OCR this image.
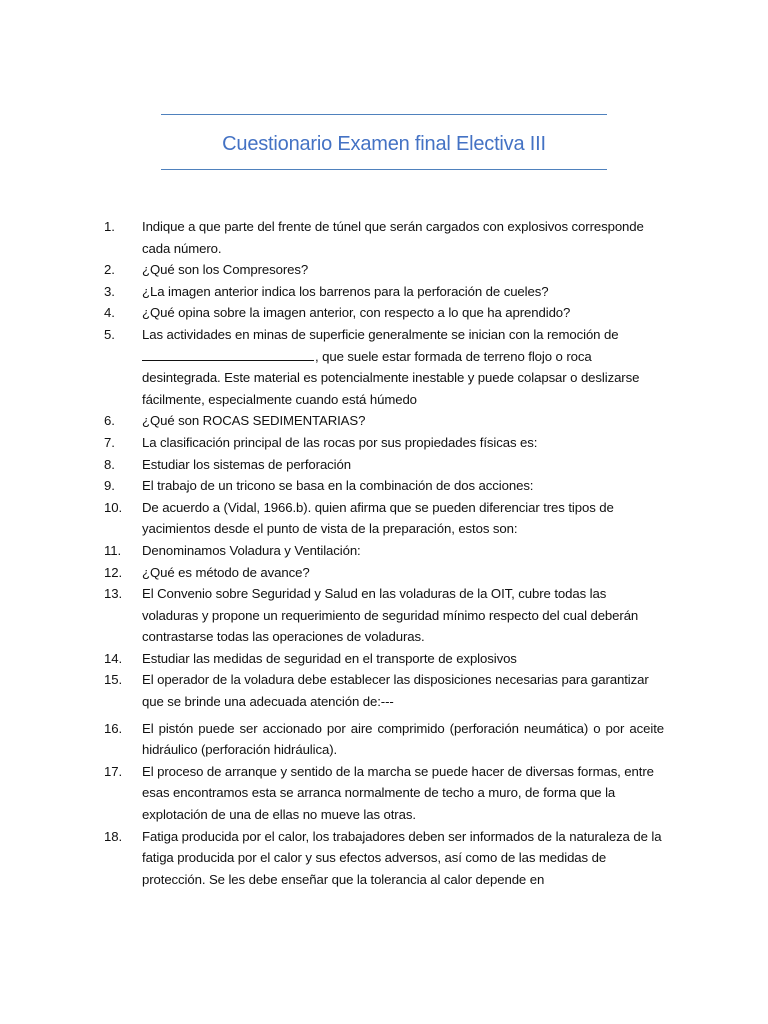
Cuestionario Examen final Electiva III
1.	Indique a que parte del frente de túnel que serán cargados con explosivos corresponde cada número.
2.	¿Qué son los Compresores?
3.	¿La imagen anterior indica los barrenos para la perforación de cueles?
4.	¿Qué opina sobre la imagen anterior, con respecto a lo que ha aprendido?
5.	Las actividades en minas de superficie generalmente se inician con la remoción de , que suele estar formada de terreno flojo o roca desintegrada. Este material es potencialmente inestable y puede colapsar o deslizarse fácilmente, especialmente cuando está húmedo
6.	¿Qué son ROCAS SEDIMENTARIAS?
7.	La clasificación principal de las rocas por sus propiedades físicas es:
8.	Estudiar los sistemas de perforación
9.	El trabajo de un tricono se basa en la combinación de dos acciones:
10.	De acuerdo a (Vidal, 1966.b). quien afirma que se pueden diferenciar tres tipos de yacimientos desde el punto de vista de la preparación, estos son:
11.	Denominamos Voladura y Ventilación:
12.	¿Qué es método de avance?
13.	El Convenio sobre Seguridad y Salud en las voladuras de la OIT, cubre todas las voladuras y propone un requerimiento de seguridad mínimo respecto del cual deberán contrastarse todas las operaciones de voladuras.
14.	Estudiar las medidas de seguridad en el transporte de explosivos
15.	El operador de la voladura debe establecer las disposiciones necesarias para garantizar que se brinde una adecuada atención de:---
16.	El pistón puede ser accionado por aire comprimido (perforación neumática) o por aceite hidráulico (perforación hidráulica).
17.	El proceso de arranque y sentido de la marcha se puede hacer de diversas formas, entre esas encontramos esta se arranca normalmente de techo a muro, de forma que la explotación de una de ellas no mueve las otras.
18.	Fatiga producida por el calor, los trabajadores deben ser informados de la naturaleza de la fatiga producida por el calor y sus efectos adversos, así como de las medidas de protección. Se les debe enseñar que la tolerancia al calor depende en
